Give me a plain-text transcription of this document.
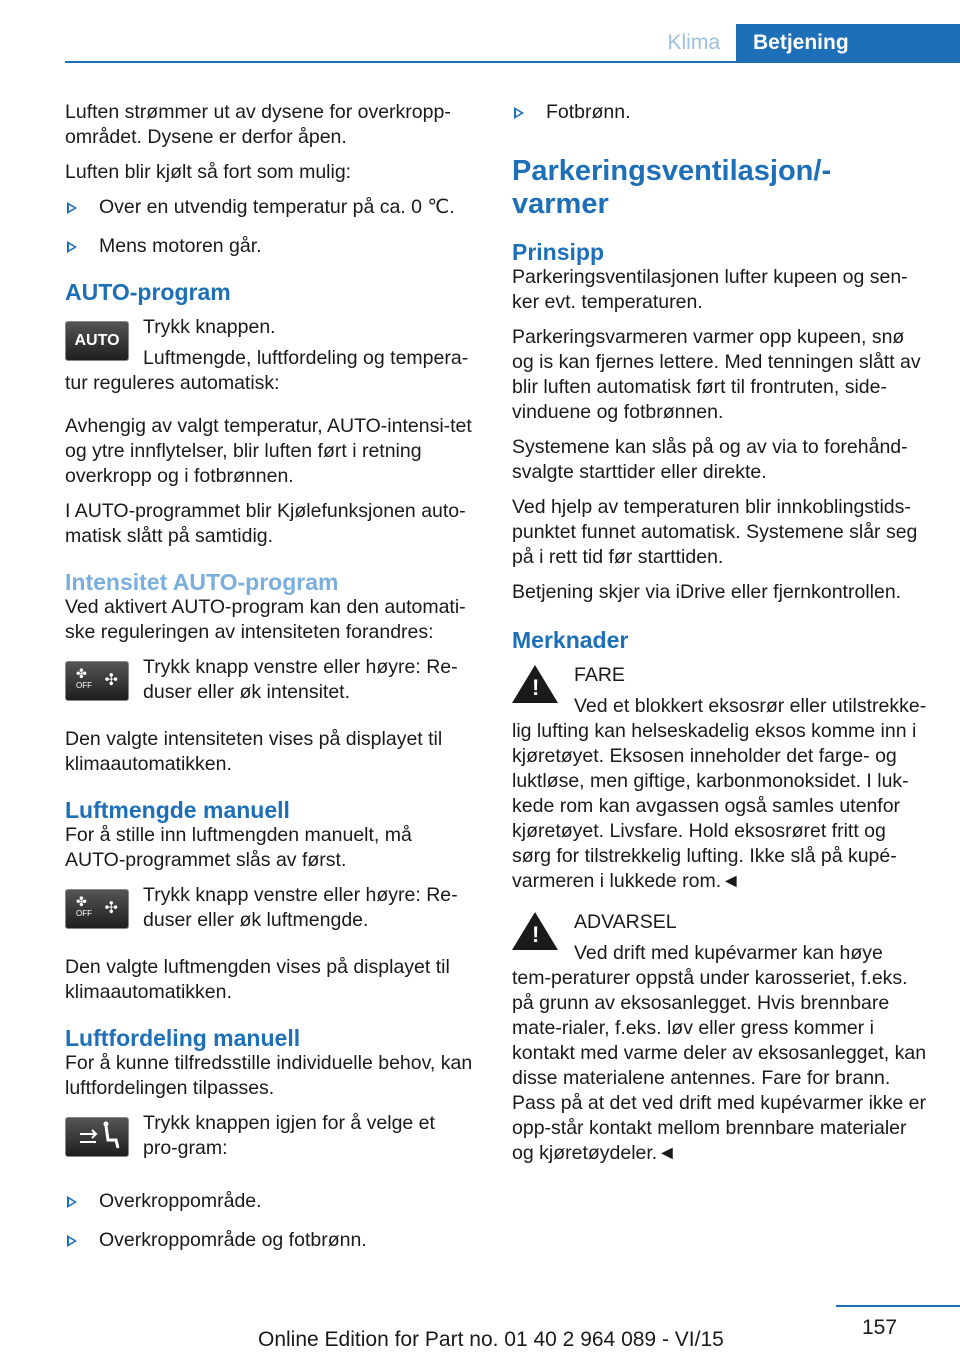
Klima	Betjening

Luften strømmer ut av dysene for overkropp-området. Dysene er derfor åpen.

Luften blir kjølt så fort som mulig:

Over en utvendig temperatur på ca. 0 ℃.
Mens motoren går.
AUTO-program
AUTO

Trykk knappen.

Luftmengde, luftfordeling og tempera-tur reguleres automatisk:

Avhengig av valgt temperatur, AUTO-intensi-tet og ytre innflytelser, blir luften ført i retning overkropp og i fotbrønnen.

I AUTO-programmet blir Kjølefunksjonen auto-matisk slått på samtidig.

Intensitet AUTO-program

Ved aktivert AUTO-program kan den automati-ske reguleringen av intensiteten forandres:

✤
OFF ✣

Trykk knapp venstre eller høyre: Re-duser eller øk intensitet.

Den valgte intensiteten vises på displayet til klimaautomatikken.

Luftmengde manuell

For å stille inn luftmengden manuelt, må AUTO-programmet slås av først.

✤
OFF ✣

Trykk knapp venstre eller høyre: Re-duser eller øk luftmengde.

Den valgte luftmengden vises på displayet til klimaautomatikken.

Luftfordeling manuell

For å kunne tilfredsstille individuelle behov, kan luftfordelingen tilpasses.

Trykk knappen igjen for å velge et pro-gram:

Overkroppområde.
Overkroppområde og fotbrønn.
Fotbrønn.
Parkeringsventilasjon/-varmer
Prinsipp

Parkeringsventilasjonen lufter kupeen og sen-ker evt. temperaturen.

Parkeringsvarmeren varmer opp kupeen, snø og is kan fjernes lettere. Med tenningen slått av blir luften automatisk ført til frontruten, side-vinduene og fotbrønnen.

Systemene kan slås på og av via to forehånd-svalgte starttider eller direkte.

Ved hjelp av temperaturen blir innkoblingstids-punktet funnet automatisk. Systemene slår seg på i rett tid før starttiden.

Betjening skjer via iDrive eller fjernkontrollen.

Merknader
!	FARE

Ved et blokkert eksosrør eller utilstrekke-lig lufting kan helseskadelig eksos komme inn i kjøretøyet. Eksosen inneholder det farge- og luktløse, men giftige, karbonmonoksidet. I luk-kede rom kan avgassen også samles utenfor kjøretøyet. Livsfare. Hold eksosrøret fritt og sørg for tilstrekkelig lufting. Ikke slå på kupé-varmeren i lukkede rom.◄

!	ADVARSEL

Ved drift med kupévarmer kan høye tem-peraturer oppstå under karosseriet, f.eks. på grunn av eksosanlegget. Hvis brennbare mate-rialer, f.eks. løv eller gress kommer i kontakt med varme deler av eksosanlegget, kan disse materialene antennes. Fare for brann. Pass på at det ved drift med kupévarmer ikke er opp-står kontakt mellom brennbare materialer og kjøretøydeler.◄

157
Online Edition for Part no. 01 40 2 964 089 - VI/15
